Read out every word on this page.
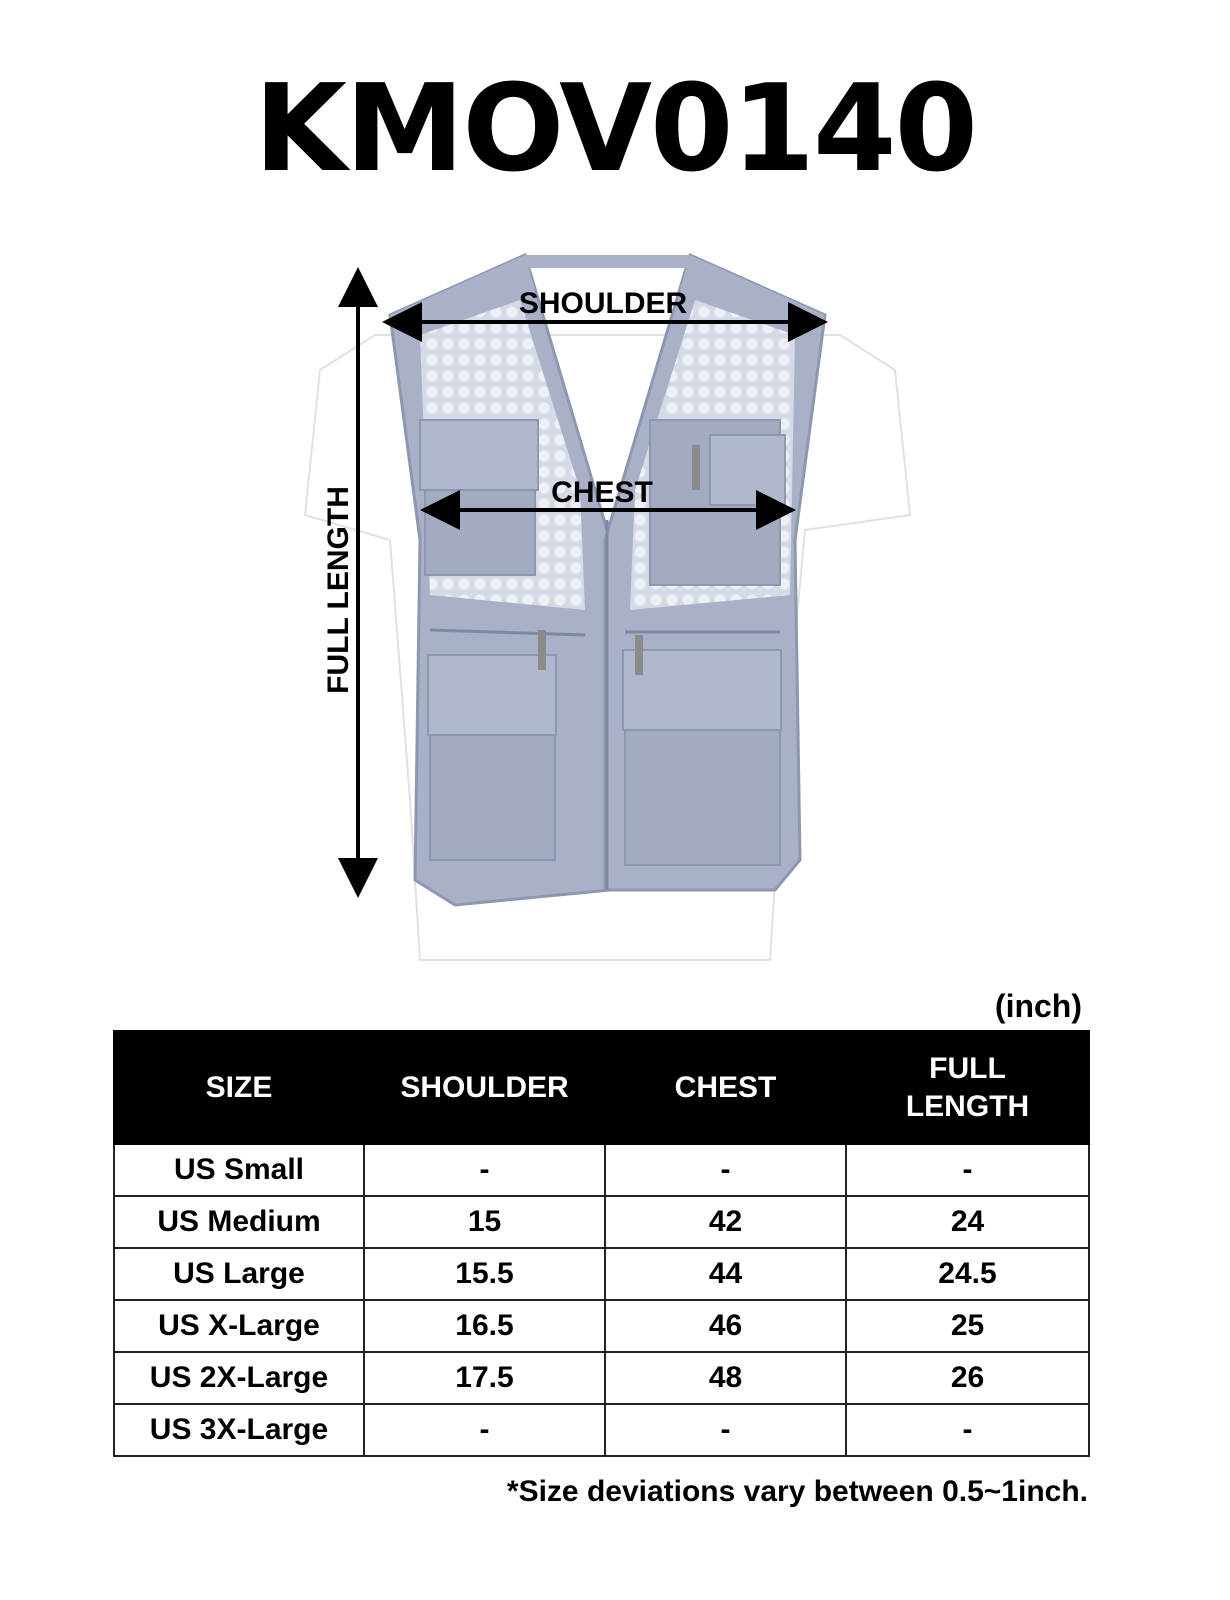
KMOV0140
SHOULDER
CHEST
FULL LENGTH
(inch)
SIZE	SHOULDER	CHEST	FULL
LENGTH
US Small	-	-	-
US Medium	15	42	24
US Large	15.5	44	24.5
US X-Large	16.5	46	25
US 2X-Large	17.5	48	26
US 3X-Large	-	-	-
*Size deviations vary between 0.5~1inch.
